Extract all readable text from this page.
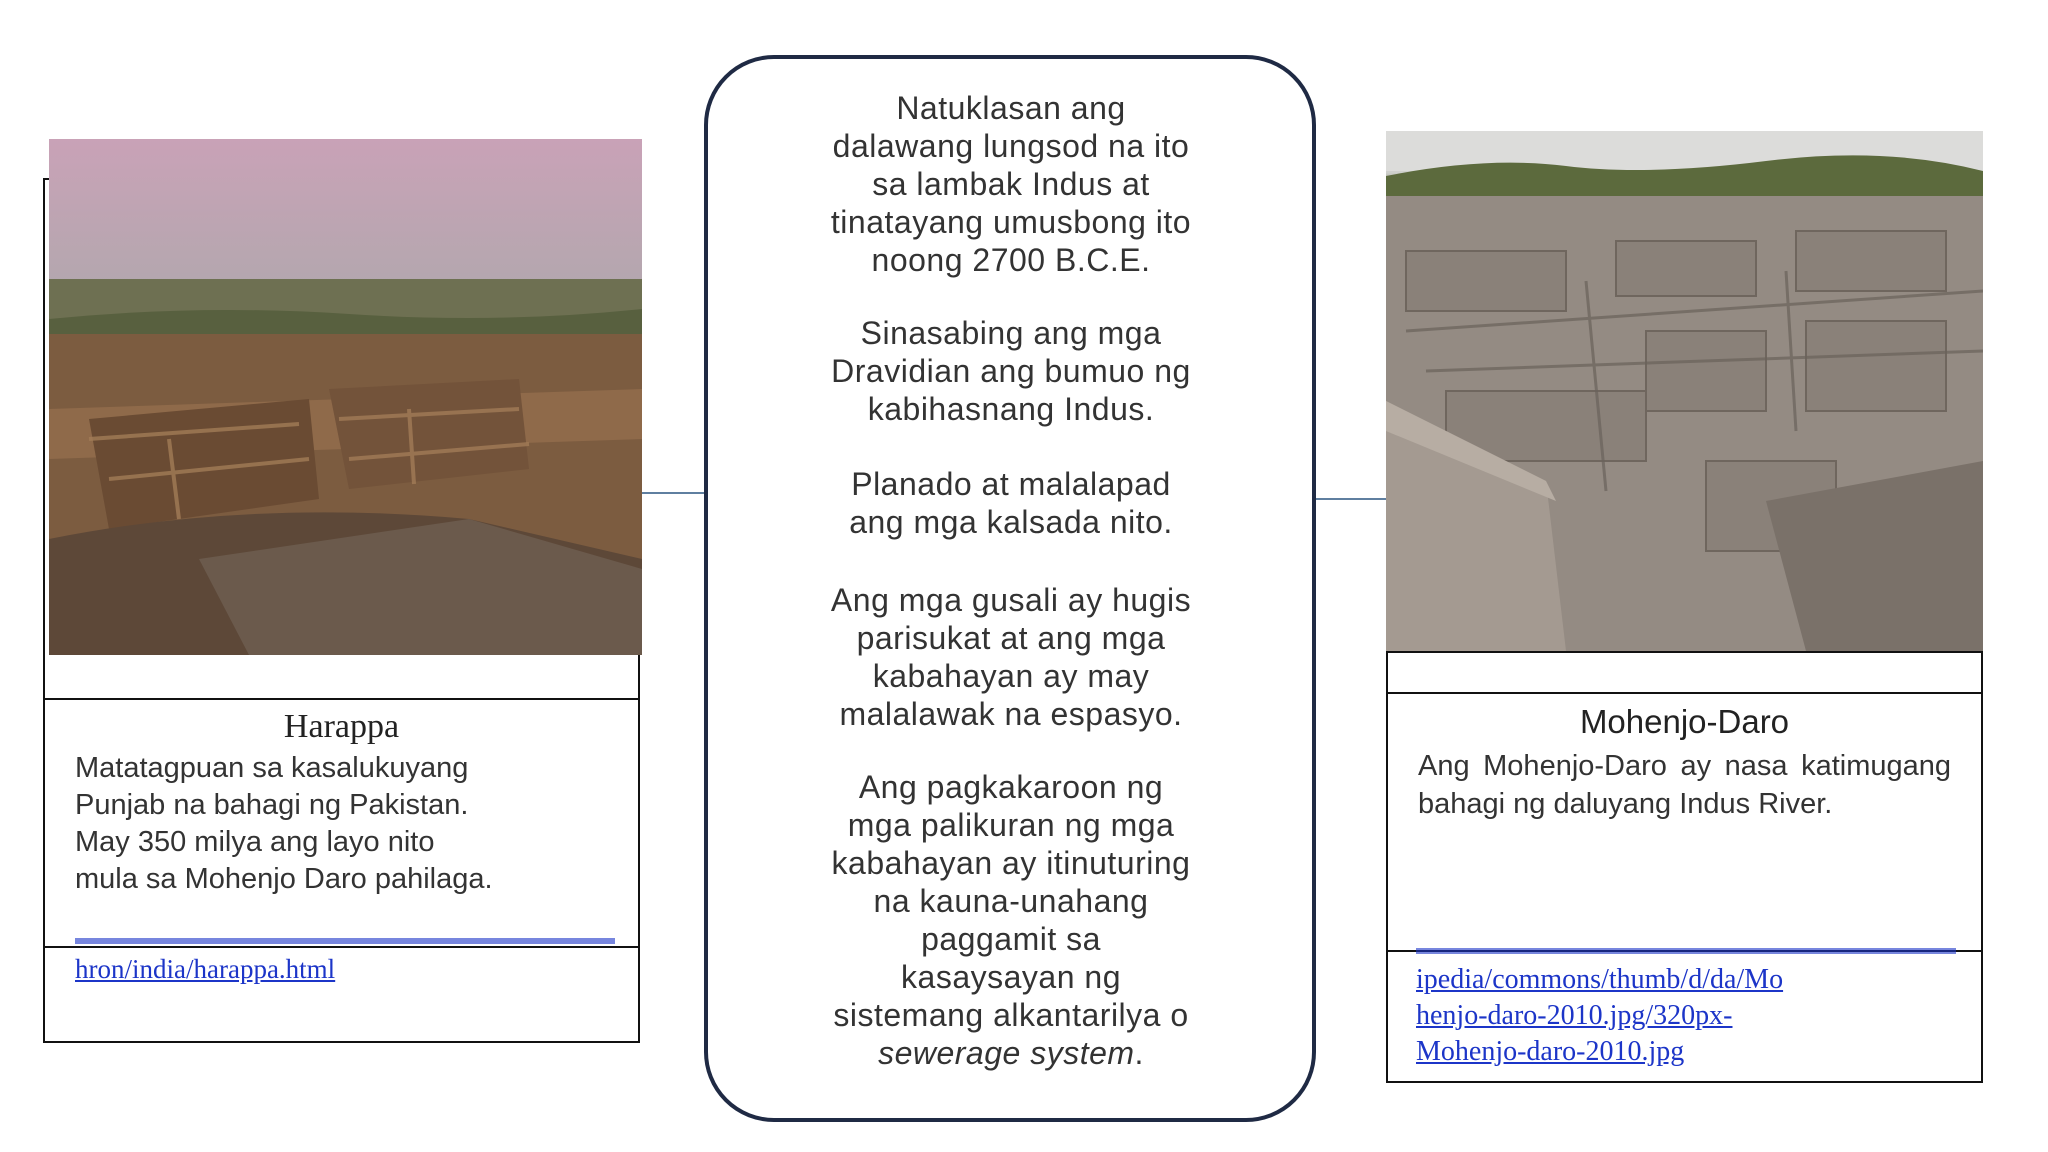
Harappa
Matatagpuan sa kasalukuyang
Punjab na bahagi ng Pakistan.
May 350 milya ang layo nito
mula sa Mohenjo Daro pahilaga.
hron/india/harappa.html
Natuklasan ang
dalawang lungsod na ito
sa lambak Indus at
tinatayang umusbong ito
noong 2700 B.C.E.
Sinasabing ang mga
Dravidian ang bumuo ng
kabihasnang Indus.
Planado at malalapad
ang mga kalsada nito.
Ang mga gusali ay hugis
parisukat at ang mga
kabahayan ay may
malalawak na espasyo.
Ang pagkakaroon ng
mga palikuran ng mga
kabahayan ay itinuturing
na kauna-unahang
paggamit sa
kasaysayan ng
sistemang alkantarilya o
sewerage system.
Mohenjo-Daro
Ang Mohenjo-Daro ay nasa katimugang bahagi ng daluyang Indus River.
ipedia/commons/thumb/d/da/Mo
henjo-daro-2010.jpg/320px-
Mohenjo-daro-2010.jpg
